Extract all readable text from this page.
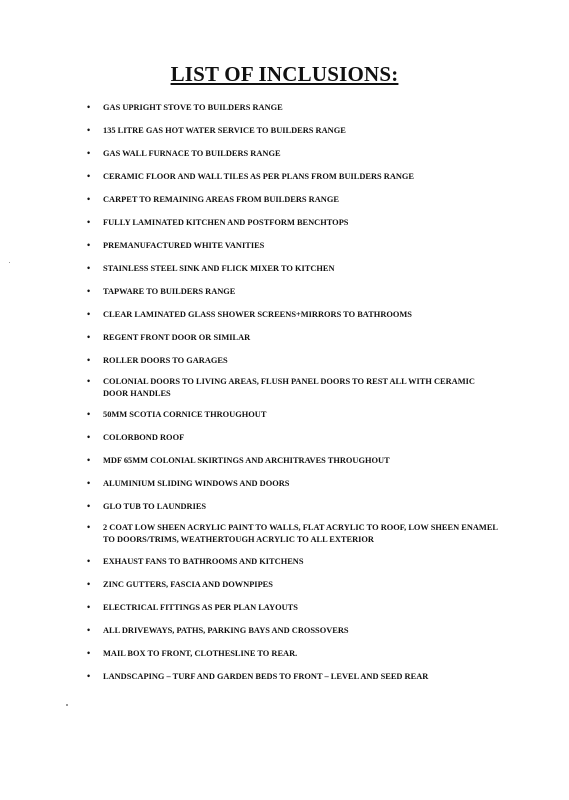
LIST OF INCLUSIONS:
• GAS UPRIGHT STOVE TO BUILDERS RANGE
• 135 LITRE GAS HOT WATER SERVICE TO BUILDERS RANGE
• GAS WALL FURNACE TO BUILDERS RANGE
• CERAMIC FLOOR AND WALL TILES AS PER PLANS FROM BUILDERS RANGE
• CARPET TO REMAINING AREAS FROM BUILDERS RANGE
• FULLY LAMINATED KITCHEN AND POSTFORM BENCHTOPS
• PREMANUFACTURED WHITE VANITIES
• STAINLESS STEEL SINK AND FLICK MIXER TO KITCHEN
• TAPWARE TO BUILDERS RANGE
• CLEAR LAMINATED GLASS SHOWER SCREENS+MIRRORS TO BATHROOMS
• REGENT FRONT DOOR OR SIMILAR
• ROLLER DOORS TO GARAGES
• COLONIAL DOORS TO LIVING AREAS, FLUSH PANEL DOORS TO REST ALL WITH CERAMIC DOOR HANDLES
• 50MM SCOTIA CORNICE THROUGHOUT
• COLORBOND ROOF
• MDF 65MM COLONIAL SKIRTINGS AND ARCHITRAVES THROUGHOUT
• ALUMINIUM SLIDING WINDOWS AND DOORS
• GLO TUB TO LAUNDRIES
• 2 COAT LOW SHEEN ACRYLIC PAINT TO WALLS, FLAT ACRYLIC TO ROOF, LOW SHEEN ENAMEL TO DOORS/TRIMS, WEATHERTOUGH ACRYLIC TO ALL EXTERIOR
• EXHAUST FANS TO BATHROOMS AND KITCHENS
• ZINC GUTTERS, FASCIA AND DOWNPIPES
• ELECTRICAL FITTINGS AS PER PLAN LAYOUTS
• ALL DRIVEWAYS, PATHS, PARKING BAYS AND CROSSOVERS
• MAIL BOX TO FRONT, CLOTHESLINE TO REAR.
• LANDSCAPING – TURF AND GARDEN BEDS TO FRONT – LEVEL AND SEED REAR
